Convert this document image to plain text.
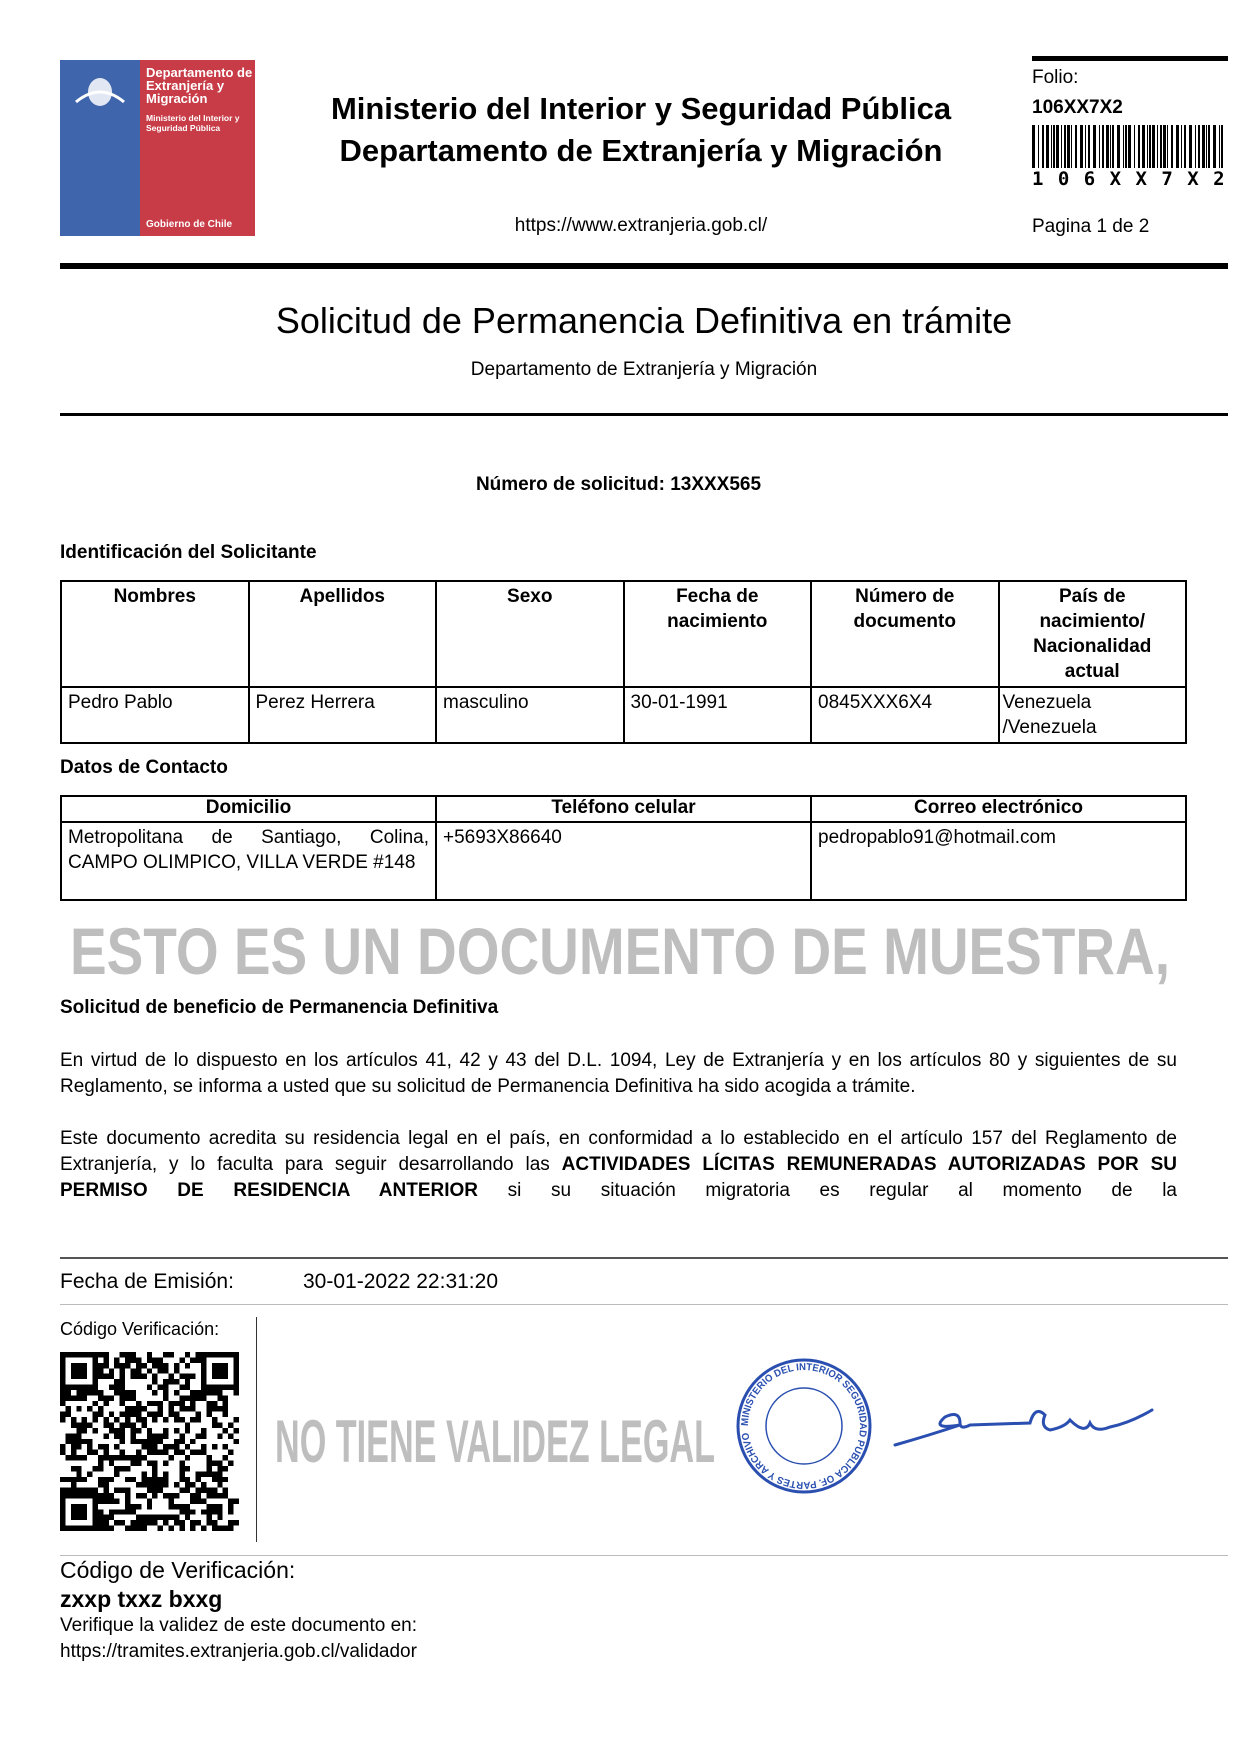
Departamento de Extranjería y Migración
Ministerio del Interior y Seguridad Pública
Gobierno de Chile
Ministerio del Interior y Seguridad Pública
Departamento de Extranjería y Migración
https://www.extranjeria.gob.cl/
Folio:
106XX7X2
1 0 6 X X 7 X 2
Pagina 1 de 2
Solicitud de Permanencia Definitiva en trámite
Departamento de Extranjería y Migración
Número de solicitud: 13XXX565
Identificación del Solicitante
Nombres	Apellidos	Sexo	Fecha de nacimiento	Número de documento	País de nacimiento/ Nacionalidad actual
Pedro Pablo	Perez Herrera	masculino	30-01-1991	0845XXX6X4	Venezuela /Venezuela
Datos de Contacto
Domicilio	Teléfono celular	Correo electrónico
Metropolitana de Santiago, Colina, CAMPO OLIMPICO, VILLA VERDE #148	+5693X86640	pedropablo91@hotmail.com
ESTO ES UN DOCUMENTO DE MUESTRA,
Solicitud de beneficio de Permanencia Definitiva
En virtud de lo dispuesto en los artículos 41, 42 y 43 del D.L. 1094, Ley de Extranjería y en los artículos 80 y siguientes de su Reglamento, se informa a usted que su solicitud de Permanencia Definitiva ha sido acogida a trámite.
Este documento acredita su residencia legal en el país, en conformidad a lo establecido en el artículo 157 del Reglamento de Extranjería, y lo faculta para seguir desarrollando las ACTIVIDADES LÍCITAS REMUNERADAS AUTORIZADAS POR SU PERMISO DE RESIDENCIA ANTERIOR si su situación migratoria es regular al momento de la
Fecha de Emisión:	30-01-2022 22:31:20
Código Verificación:
NO TIENE VALIDEZ LEGAL MINISTERIO DEL INTERIOR SEGURIDAD PUBLICA OF. PARTES Y ARCHIVO
Código de Verificación:
zxxp txxz bxxg
Verifique la validez de este documento en:
https://tramites.extranjeria.gob.cl/validador
